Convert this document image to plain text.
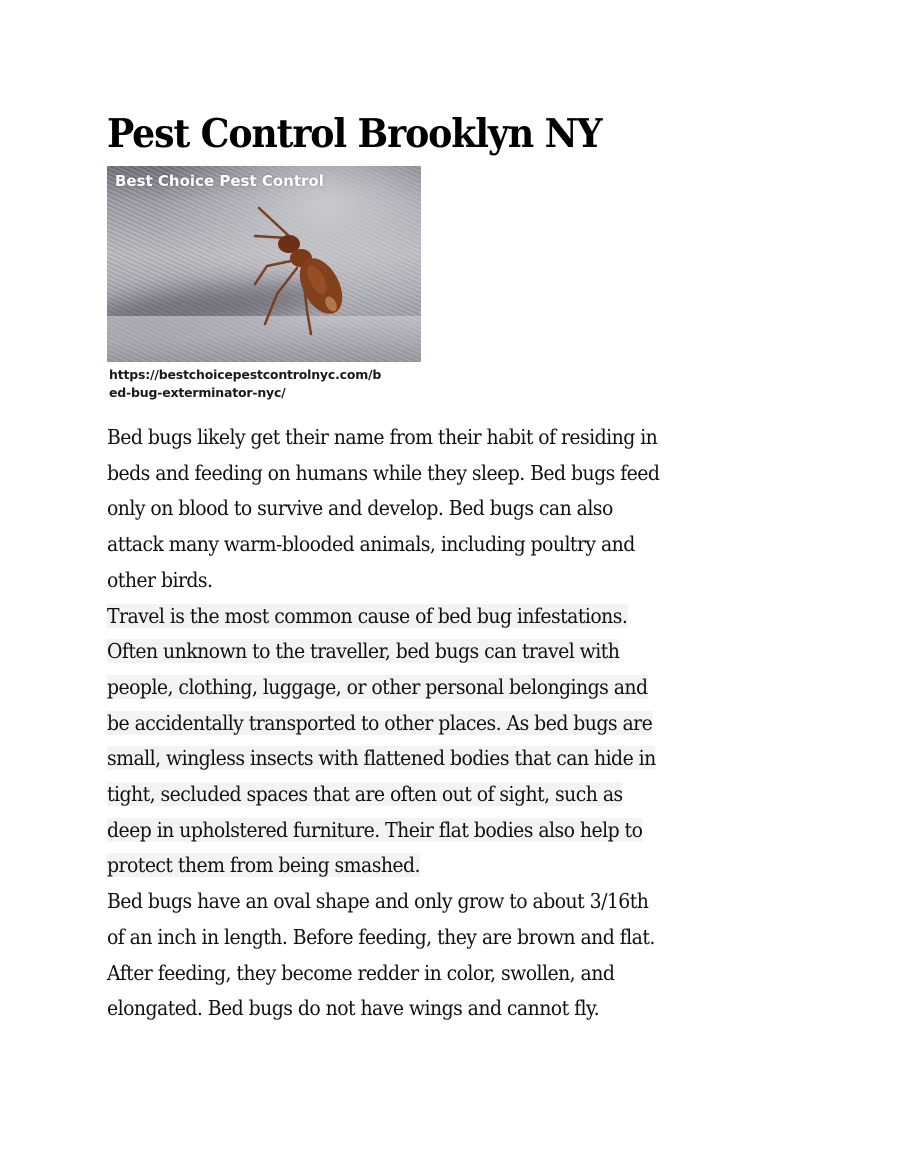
Pest Control Brooklyn NY
Best Choice Pest Control
https://bestchoicepestcontrolnyc.com/b
ed-bug-exterminator-nyc/

Bed bugs likely get their name from their habit of residing in
beds and feeding on humans while they sleep. Bed bugs feed
only on blood to survive and develop. Bed bugs can also
attack many warm-blooded animals, including poultry and
other birds.

Travel is the most common cause of bed bug infestations.
Often unknown to the traveller, bed bugs can travel with
people, clothing, luggage, or other personal belongings and
be accidentally transported to other places. As bed bugs are
small, wingless insects with flattened bodies that can hide in
tight, secluded spaces that are often out of sight, such as
deep in upholstered furniture. Their flat bodies also help to
protect them from being smashed.

Bed bugs have an oval shape and only grow to about 3/16th
of an inch in length. Before feeding, they are brown and flat.
After feeding, they become redder in color, swollen, and
elongated. Bed bugs do not have wings and cannot fly.
